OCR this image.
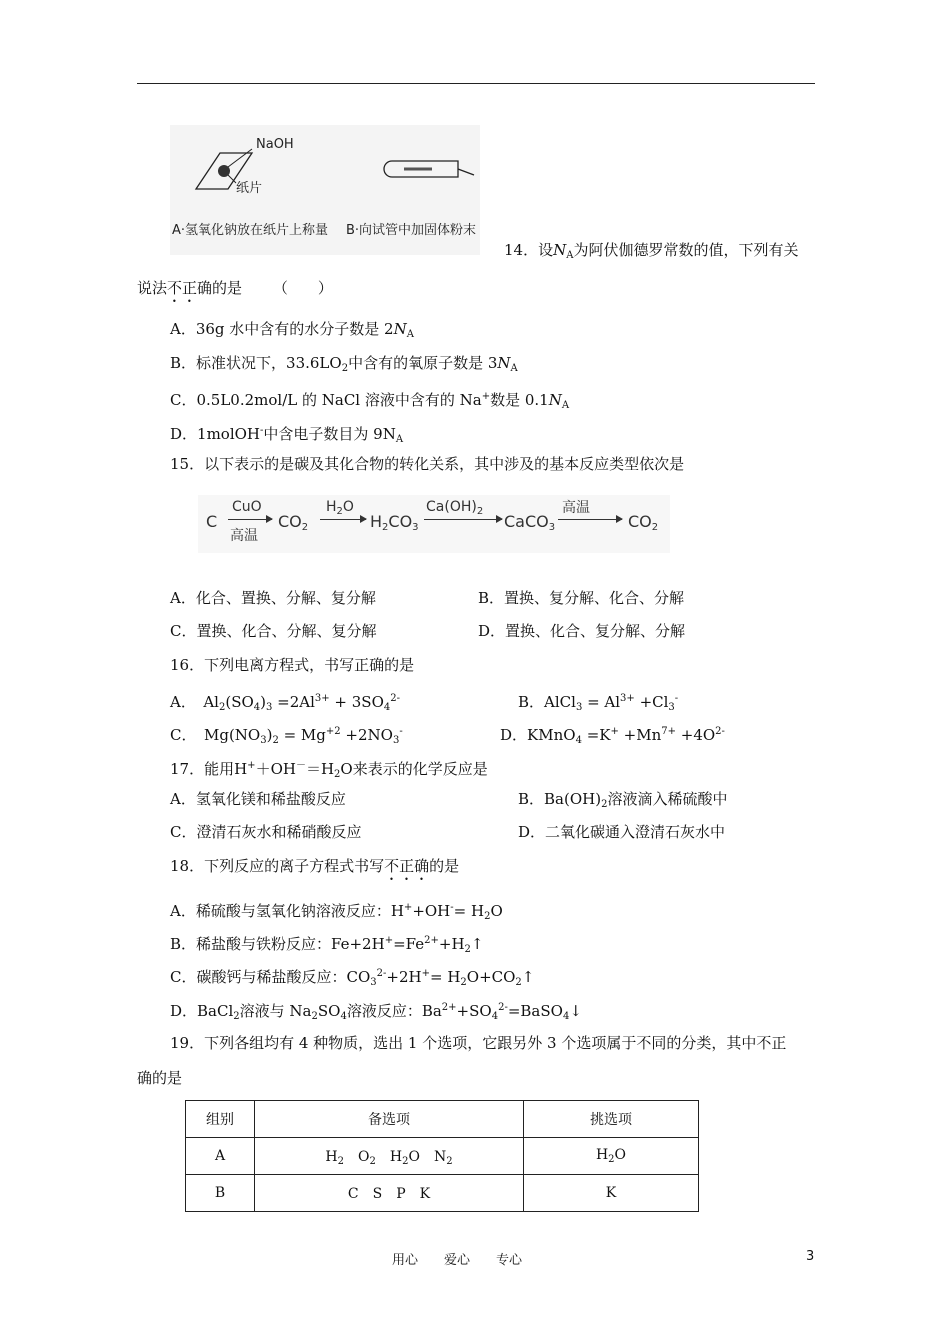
NaOH
纸片
A·氢氧化钠放在纸片上称量 B·向试管中加固体粉末
14．设$N_A$为阿伏伽德罗常数的值，下列有关
说法不正确的是 （　　）
A．36g 水中含有的水分子数是 $2N_A$
B．标准状况下，$33.6LO_2$中含有的氧原子数是 $3N_A$
C．0.5L0.2mol/L 的 NaCl 溶液中含有的 Na+数是 $0.1N_A$
D．1molOH-中含电子数目为 $9N_A$
15．以下表示的是碳及其化合物的转化关系，其中涉及的基本反应类型依次是
C
CuO
高温
$CO_2$
$H_2O$
$H_2CO_3$
$Ca(OH)_2$
CaCO$_3$
高温
$CO_2$
A．化合、置换、分解、复分解	B．置换、复分解、化合、分解
C．置换、化合、分解、复分解	D．置换、化合、复分解、分解
16．下列电离方程式，书写正确的是
A．　$Al_2(SO_4)_3 =2Al^{3+} + 3SO_4^{2-}$	B．AlCl$_3$ = $Al^{3+} +Cl_3^-$
C．　$Mg(NO_3)_2 = Mg^{+2} +2NO_3^-$	D．KMnO$_4$ $=K^+ +Mn^{7+} +4O^{2-}$
17．能用$H^++OH^-=H_2O$来表示的化学反应是
A．氢氧化镁和稀盐酸反应	B．$Ba(OH)_2$溶液滴入稀硫酸中
C．澄清石灰水和稀硝酸反应	D．二氧化碳通入澄清石灰水中
18．下列反应的离子方程式书写不正确的是
A．稀硫酸与氢氧化钠溶液反应：$H^++OH^-= H_2O$
B．稀盐酸与铁粉反应：$Fe+2H^+=Fe^{2+}+H_2↑$
C．碳酸钙与稀盐酸反应：$CO_3^{2-}+2H^+=$ $H_2O+CO_2↑$
D．BaCl$_2$溶液与 $Na_2SO_4$溶液反应：$Ba^{2+}+SO_4^{2-}=BaSO_4↓$
19．下列各组均有 4 种物质，选出 1 个选项，它跟另外 3 个选项属于不同的分类，其中不正
确的是
组别	备选项	挑选项
A	$H_2$　$O_2$　$H_2O$　$N_2$	$H_2O$
B	C　S　P　K	K
用心　　爱心　　专心	3
